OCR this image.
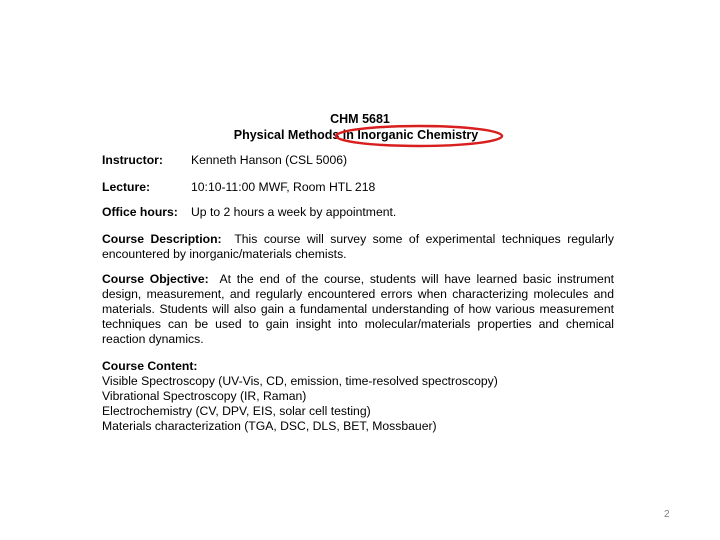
CHM 5681
Physical Methods in Inorganic Chemistry
Instructor: Kenneth Hanson (CSL 5006)
Lecture:	10:10-11:00 MWF, Room HTL 218
Office hours: Up to 2 hours a week by appointment.
Course Description: This course will survey some of experimental techniques regularly encountered by inorganic/materials chemists.
Course Objective: At the end of the course, students will have learned basic instrument design, measurement, and regularly encountered errors when characterizing molecules and materials. Students will also gain a fundamental understanding of how various measurement techniques can be used to gain insight into molecular/materials properties and chemical reaction dynamics.
Course Content:
Visible Spectroscopy (UV-Vis, CD, emission, time-resolved spectroscopy)
Vibrational Spectroscopy (IR, Raman)
Electrochemistry (CV, DPV, EIS, solar cell testing)
Materials characterization (TGA, DSC, DLS, BET, Mossbauer)
2
